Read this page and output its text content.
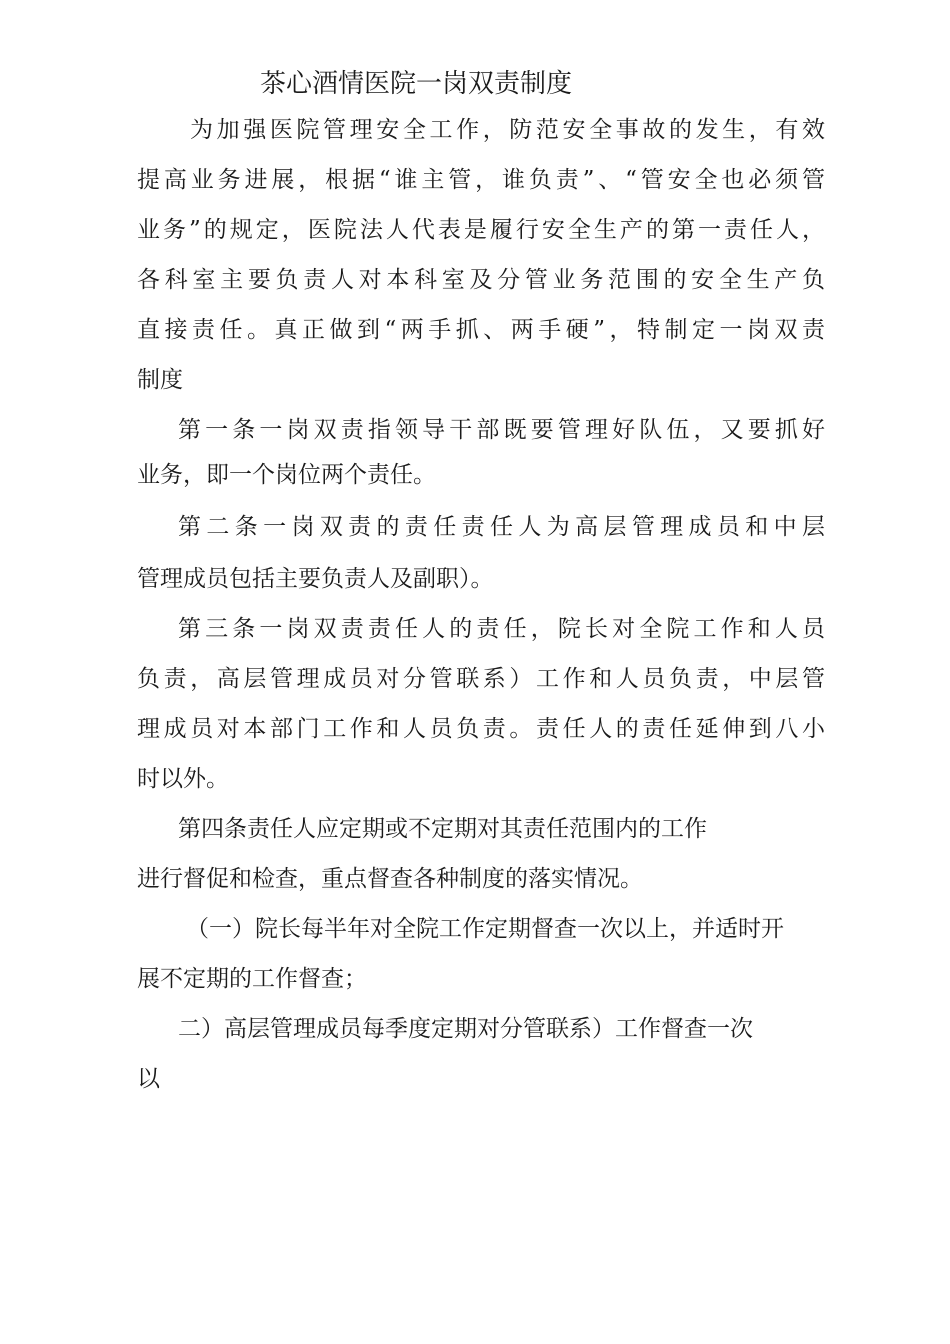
茶心酒情医院一岗双责制度
为加强医院管理安全工作，防范安全事故的发生，有效
提高业务进展，根据“谁主管，谁负责”、“管安全也必须管
业务”的规定，医院法人代表是履行安全生产的第一责任人，
各科室主要负责人对本科室及分管业务范围的安全生产负
直接责任。真正做到“两手抓、两手硬”，特制定一岗双责
制度
第一条一岗双责指领导干部既要管理好队伍，又要抓好
业务，即一个岗位两个责任。
第二条一岗双责的责任责任人为高层管理成员和中层
管理成员包括主要负责人及副职）。
第三条一岗双责责任人的责任，院长对全院工作和人员
负责，高层管理成员对分管联系）工作和人员负责，中层管
理成员对本部门工作和人员负责。责任人的责任延伸到八小
时以外。
第四条责任人应定期或不定期对其责任范围内的工作
进行督促和检查，重点督查各种制度的落实情况。
（一）院长每半年对全院工作定期督查一次以上，并适时开
展不定期的工作督查；
二）高层管理成员每季度定期对分管联系）工作督查一次
以
